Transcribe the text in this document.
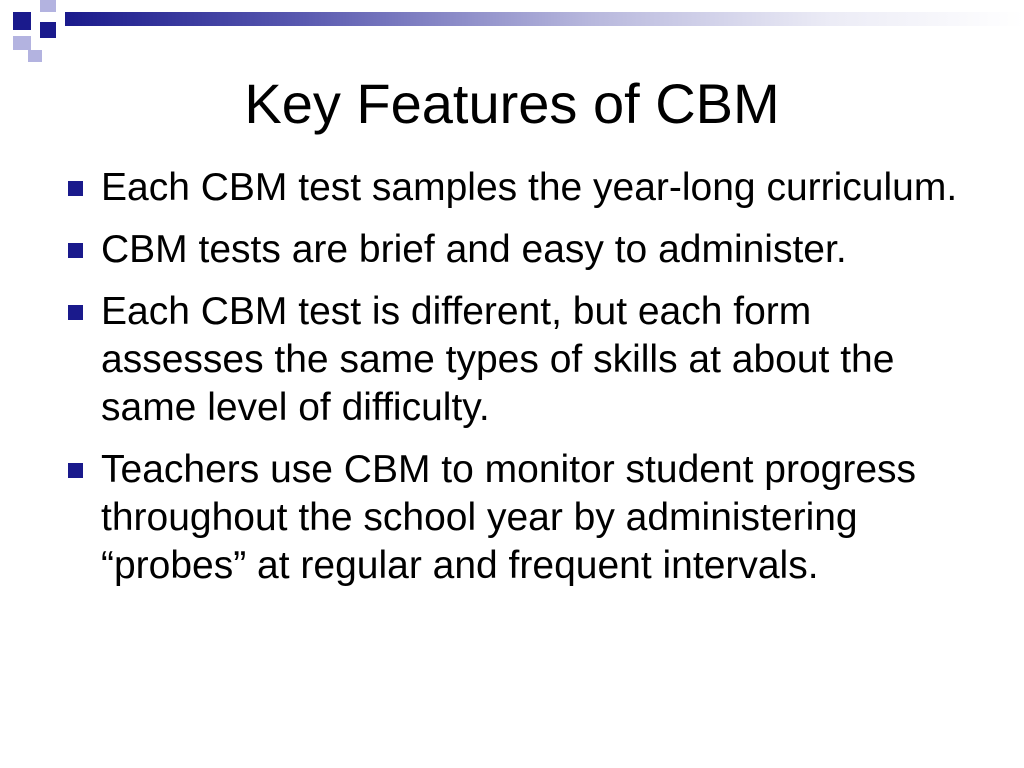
Key Features of CBM
Each CBM test samples the year-long curriculum.
CBM tests are brief and easy to administer.
Each CBM test is different, but each form assesses the same types of skills at about the same level of difficulty.
Teachers use CBM to monitor student progress throughout the school year by administering “probes” at regular and frequent intervals.
